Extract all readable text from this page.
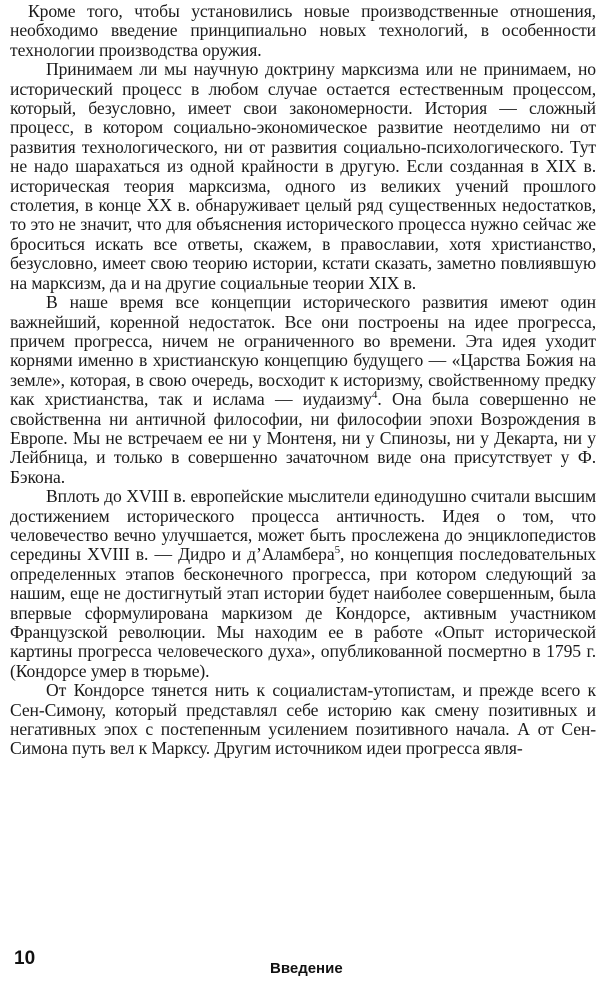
Кроме того, чтобы установились новые производственные отношения, необходимо введение принципиально новых технологий, в особенности технологии производства оружия.

Принимаем ли мы научную доктрину марксизма или не принимаем, но исторический процесс в любом случае остается естественным процессом, который, безусловно, имеет свои закономерности. История — сложный процесс, в котором социально-экономическое развитие неотделимо ни от развития технологического, ни от развития социально-психологического. Тут не надо шарахаться из одной крайности в другую. Если созданная в XIX в. историческая теория марксизма, одного из великих учений прошлого столетия, в конце XX в. обнаруживает целый ряд существенных недостатков, то это не значит, что для объяснения исторического процесса нужно сейчас же броситься искать все ответы, скажем, в православии, хотя христианство, безусловно, имеет свою теорию истории, кстати сказать, заметно повлиявшую на марксизм, да и на другие социальные теории XIX в.

В наше время все концепции исторического развития имеют один важнейший, коренной недостаток. Все они построены на идее прогресса, причем прогресса, ничем не ограниченного во времени. Эта идея уходит корнями именно в христианскую концепцию будущего — «Царства Божия на земле», которая, в свою очередь, восходит к историзму, свойственному предку как христианства, так и ислама — иудаизму$^4$. Она была совершенно не свойственна ни античной философии, ни философии эпохи Возрождения в Европе. Мы не встречаем ее ни у Монтеня, ни у Спинозы, ни у Декарта, ни у Лейбница, и только в совершенно зачаточном виде она присутствует у Ф. Бэкона.

Вплоть до XVIII в. европейские мыслители единодушно считали высшим достижением исторического процесса античность. Идея о том, что человечество вечно улучшается, может быть прослежена до энциклопедистов середины XVIII в. — Дидро и д’Аламбера$^5$, но концепция последовательных определенных этапов бесконечного прогресса, при котором следующий за нашим, еще не достигнутый этап истории будет наиболее совершенным, была впервые сформулирована маркизом де Кондорсе, активным участником Французской революции. Мы находим ее в работе «Опыт исторической картины прогресса человеческого духа», опубликованной посмертно в 1795 г. (Кондорсе умер в тюрьме).

От Кондорсе тянется нить к социалистам-утопистам, и прежде всего к Сен-Симону, который представлял себе историю как смену позитивных и негативных эпох с постепенным усилением позитивного начала. А от Сен-Симона путь вел к Марксу. Другим источником идеи прогресса явля-

10	Введение
